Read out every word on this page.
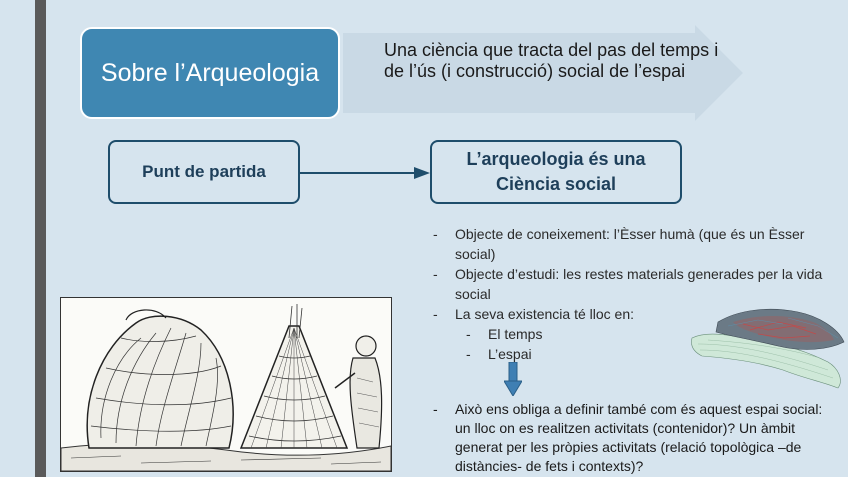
Sobre l’Arqueologia
Una ciència que tracta del pas del temps i de l’ús (i construcció) social de l’espai
Punt de partida
L’arqueologia és una
Ciència social
- Objecte de coneixement: l’Èsser humà (que és un Èsser social)
- Objecte d’estudi: les restes materials generades per la vida social
- La seva existencia té lloc en:
- El temps
- L’espai
-	Això ens obliga a definir també com és aquest espai social: un lloc on es realitzen activitats (contenidor)? Un àmbit generat per les pròpies activitats (relació topològica –de distàncies- de fets i contexts)?
